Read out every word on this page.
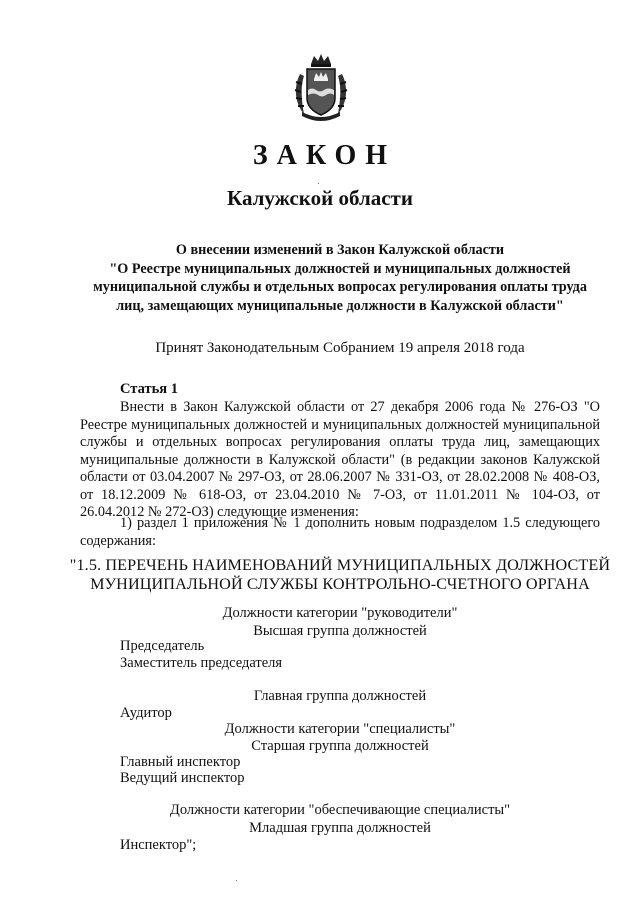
ЗАКОН
Калужской области
О внесении изменений в Закон Калужской области
"О Реестре муниципальных должностей и муниципальных должностей
муниципальной службы и отдельных вопросах регулирования оплаты труда
лиц, замещающих муниципальные должности в Калужской области"
Принят Законодательным Собранием 19 апреля 2018 года
Статья 1
Внести в Закон Калужской области от 27 декабря 2006 года № 276-ОЗ "О Реестре муниципальных должностей и муниципальных должностей муниципальной службы и отдельных вопросах регулирования оплаты труда лиц, замещающих муниципальные должности в Калужской области" (в редакции законов Калужской области от 03.04.2007 № 297-ОЗ, от 28.06.2007 № 331-ОЗ, от 28.02.2008 № 408-ОЗ, от 18.12.2009 № 618-ОЗ, от 23.04.2010 № 7-ОЗ, от 11.01.2011 № 104-ОЗ, от 26.04.2012 № 272-ОЗ) следующие изменения:
1) раздел 1 приложения № 1 дополнить новым подразделом 1.5 следующего содержания:
"1.5. ПЕРЕЧЕНЬ НАИМЕНОВАНИЙ МУНИЦИПАЛЬНЫХ ДОЛЖНОСТЕЙ
МУНИЦИПАЛЬНОЙ СЛУЖБЫ КОНТРОЛЬНО-СЧЕТНОГО ОРГАНА
Должности категории "руководители"
Высшая группа должностей
Председатель
Заместитель председателя
Главная группа должностей
Аудитор
Должности категории "специалисты"
Старшая группа должностей
Главный инспектор
Ведущий инспектор
Должности категории "обеспечивающие специалисты"
Младшая группа должностей
Инспектор";
